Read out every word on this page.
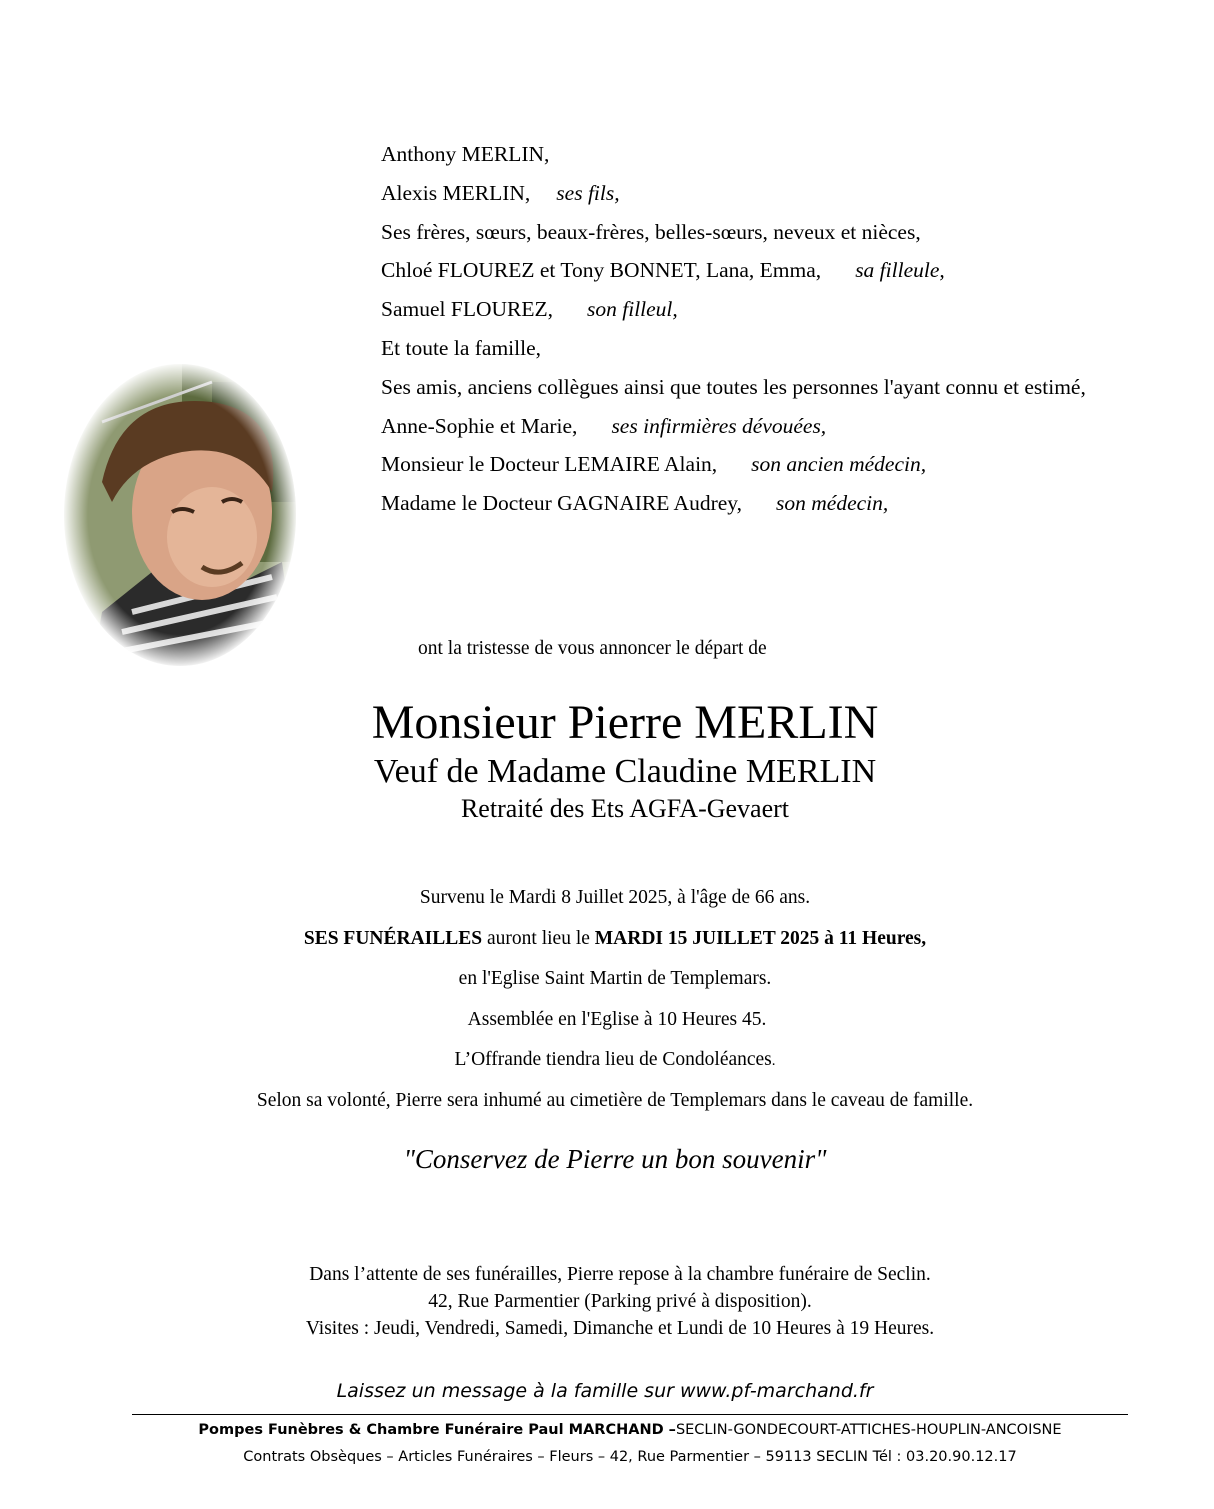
Anthony MERLIN,
Alexis MERLIN, ses fils,
Ses frères, sœurs, beaux-frères, belles-sœurs, neveux et nièces,
Chloé FLOUREZ et Tony BONNET, Lana, Emma, sa filleule,
Samuel FLOUREZ, son filleul,
Et toute la famille,
Ses amis, anciens collègues ainsi que toutes les personnes l'ayant connu et estimé,
Anne-Sophie et Marie, ses infirmières dévouées,
Monsieur le Docteur LEMAIRE Alain, son ancien médecin,
Madame le Docteur GAGNAIRE Audrey, son médecin,
ont la tristesse de vous annoncer le départ de
Monsieur Pierre MERLIN
Veuf de Madame Claudine MERLIN
Retraité des Ets AGFA-Gevaert
Survenu le Mardi 8 Juillet 2025, à l'âge de 66 ans.
SES FUNÉRAILLES auront lieu le MARDI 15 JUILLET 2025 à 11 Heures,
en l'Eglise Saint Martin de Templemars.
Assemblée en l'Eglise à 10 Heures 45.
L’Offrande tiendra lieu de Condoléances.
Selon sa volonté, Pierre sera inhumé au cimetière de Templemars dans le caveau de famille.
"Conservez de Pierre un bon souvenir"
Dans l’attente de ses funérailles, Pierre repose à la chambre funéraire de Seclin.
42, Rue Parmentier (Parking privé à disposition).
Visites : Jeudi, Vendredi, Samedi, Dimanche et Lundi de 10 Heures à 19 Heures.
Laissez un message à la famille sur www.pf-marchand.fr
Pompes Funèbres & Chambre Funéraire Paul MARCHAND –SECLIN-GONDECOURT-ATTICHES-HOUPLIN-ANCOISNE
Contrats Obsèques – Articles Funéraires – Fleurs – 42, Rue Parmentier – 59113 SECLIN Tél : 03.20.90.12.17
